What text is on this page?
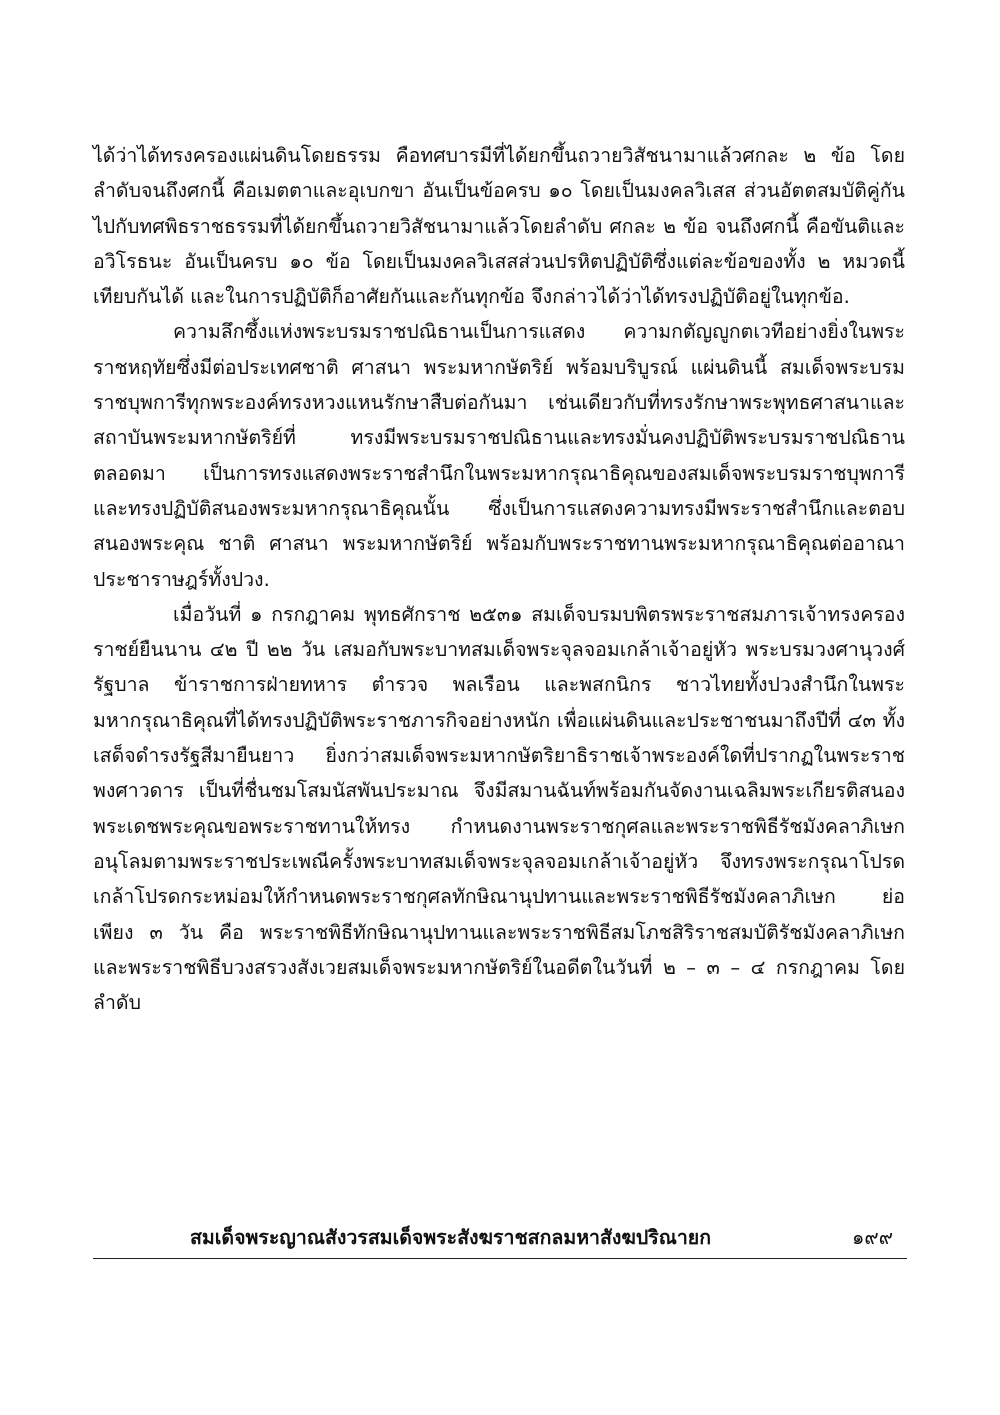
ได้ว่าได้ทรงครองแผ่นดินโดยธรรม คือทศบารมีที่ได้ยกขึ้นถวายวิสัชนามาแล้วศกละ ๒ ข้อ โดยลำดับจนถึงศกนี้ คือเมตตาและอุเบกขา อันเป็นข้อครบ ๑๐ โดยเป็นมงคลวิเสส ส่วนอัตตสมบัติคู่กันไปกับทศพิธราชธรรมที่ได้ยกขึ้นถวายวิสัชนามาแล้วโดยลำดับ ศกละ ๒ ข้อ จนถึงศกนี้ คือขันติและอวิโรธนะ อันเป็นครบ ๑๐ ข้อ โดยเป็นมงคลวิเสสส่วนปรหิตปฏิบัติซึ่งแต่ละข้อของทั้ง ๒ หมวดนี้เทียบกันได้ และในการปฏิบัติก็อาศัยกันและกันทุกข้อ จึงกล่าวได้ว่าได้ทรงปฏิบัติอยู่ในทุกข้อ.

ความลึกซึ้งแห่งพระบรมราชปณิธานเป็นการแสดง ความกตัญญูกตเวทีอย่างยิ่งในพระราชหฤทัยซึ่งมีต่อประเทศชาติ ศาสนา พระมหากษัตริย์ พร้อมบริบูรณ์ แผ่นดินนี้ สมเด็จพระบรมราชบุพการีทุกพระองค์ทรงหวงแหนรักษาสืบต่อกันมา เช่นเดียวกับที่ทรงรักษาพระพุทธศาสนาและสถาบันพระมหากษัตริย์ที่ ทรงมีพระบรมราชปณิธานและทรงมั่นคงปฏิบัติพระบรมราชปณิธานตลอดมา เป็นการทรงแสดงพระราชสำนึกในพระมหากรุณาธิคุณของสมเด็จพระบรมราชบุพการี และทรงปฏิบัติสนองพระมหากรุณาธิคุณนั้น ซึ่งเป็นการแสดงความทรงมีพระราชสำนึกและตอบสนองพระคุณ ชาติ ศาสนา พระมหากษัตริย์ พร้อมกับพระราชทานพระมหากรุณาธิคุณต่ออาณาประชาราษฎร์ทั้งปวง.

เมื่อวันที่ ๑ กรกฎาคม พุทธศักราช ๒๕๓๑ สมเด็จบรมบพิตรพระราชสมภารเจ้าทรงครองราชย์ยืนนาน ๔๒ ปี ๒๒ วัน เสมอกับพระบาทสมเด็จพระจุลจอมเกล้าเจ้าอยู่หัว พระบรมวงศานุวงศ์รัฐบาล ข้าราชการฝ่ายทหาร ตำรวจ พลเรือน และพสกนิกร ชาวไทยทั้งปวงสำนึกในพระมหากรุณาธิคุณที่ได้ทรงปฏิบัติพระราชภารกิจอย่างหนัก เพื่อแผ่นดินและประชาชนมาถึงปีที่ ๔๓ ทั้งเสด็จดำรงรัฐสีมายืนยาว ยิ่งกว่าสมเด็จพระมหากษัตริยาธิราชเจ้าพระองค์ใดที่ปรากฏในพระราชพงศาวดาร เป็นที่ชื่นชมโสมนัสพันประมาณ จึงมีสมานฉันท์พร้อมกันจัดงานเฉลิมพระเกียรติสนองพระเดชพระคุณขอพระราชทานให้ทรง กำหนดงานพระราชกุศลและพระราชพิธีรัชมังคลาภิเษก อนุโลมตามพระราชประเพณีครั้งพระบาทสมเด็จพระจุลจอมเกล้าเจ้าอยู่หัว จึงทรงพระกรุณาโปรดเกล้าโปรดกระหม่อมให้กำหนดพระราชกุศลทักษิณานุปทานและพระราชพิธีรัชมังคลาภิเษก ย่อเพียง ๓ วัน คือ พระราชพิธีทักษิณานุปทานและพระราชพิธีสมโภชสิริราชสมบัติรัชมังคลาภิเษก และพระราชพิธีบวงสรวงสังเวยสมเด็จพระมหากษัตริย์ในอดีตในวันที่ ๒ – ๓ – ๔ กรกฎาคม โดยลำดับ

สมเด็จพระญาณสังวรสมเด็จพระสังฆราชสกลมหาสังฆปริณายก	๑๙๙
